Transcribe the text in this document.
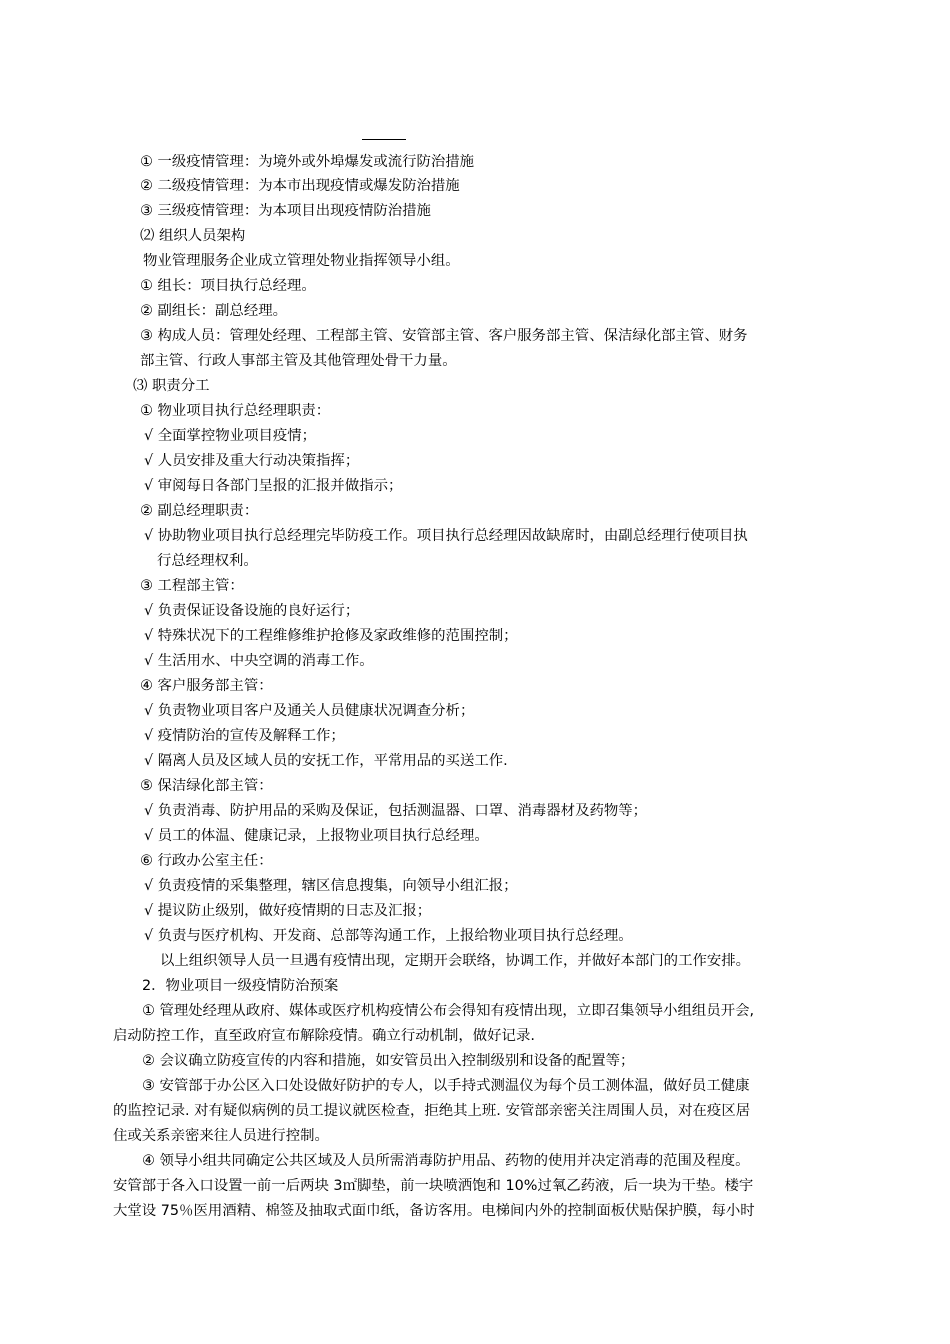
① 一级疫情管理：为境外或外埠爆发或流行防治措施
② 二级疫情管理：为本市出现疫情或爆发防治措施
③ 三级疫情管理：为本项目出现疫情防治措施
⑵ 组织人员架构
物业管理服务企业成立管理处物业指挥领导小组。
① 组长：项目执行总经理。
② 副组长：副总经理。
③ 构成人员：管理处经理、工程部主管、安管部主管、客户服务部主管、保洁绿化部主管、财务
部主管、行政人事部主管及其他管理处骨干力量。
⑶ 职责分工
① 物业项目执行总经理职责：
√ 全面掌控物业项目疫情；
√ 人员安排及重大行动决策指挥；
√ 审阅每日各部门呈报的汇报并做指示；
② 副总经理职责：
√ 协助物业项目执行总经理完毕防疫工作。项目执行总经理因故缺席时，由副总经理行使项目执
行总经理权利。
③ 工程部主管：
√ 负责保证设备设施的良好运行；
√ 特殊状况下的工程维修维护抢修及家政维修的范围控制；
√ 生活用水、中央空调的消毒工作。
④ 客户服务部主管：
√ 负责物业项目客户及通关人员健康状况调查分析；
√ 疫情防治的宣传及解释工作；
√ 隔离人员及区域人员的安抚工作，平常用品的买送工作.
⑤ 保洁绿化部主管：
√ 负责消毒、防护用品的采购及保证，包括测温器、口罩、消毒器材及药物等；
√ 员工的体温、健康记录，上报物业项目执行总经理。
⑥ 行政办公室主任：
√ 负责疫情的采集整理，辖区信息搜集，向领导小组汇报；
√ 提议防止级别，做好疫情期的日志及汇报；
√ 负责与医疗机构、开发商、总部等沟通工作，上报给物业项目执行总经理。
以上组织领导人员一旦遇有疫情出现，定期开会联络，协调工作，并做好本部门的工作安排。
2．物业项目一级疫情防治预案
① 管理处经理从政府、媒体或医疗机构疫情公布会得知有疫情出现，立即召集领导小组组员开会,
启动防控工作，直至政府宣布解除疫情。确立行动机制，做好记录.
② 会议确立防疫宣传的内容和措施，如安管员出入控制级别和设备的配置等；
③ 安管部于办公区入口处设做好防护的专人，以手持式测温仪为每个员工测体温，做好员工健康
的监控记录. 对有疑似病例的员工提议就医检查，拒绝其上班. 安管部亲密关注周围人员，对在疫区居
住或关系亲密来往人员进行控制。
④ 领导小组共同确定公共区域及人员所需消毒防护用品、药物的使用并决定消毒的范围及程度。
安管部于各入口设置一前一后两块 3㎡脚垫，前一块喷洒饱和 10%过氧乙药液，后一块为干垫。楼宇
大堂设 75％医用酒精、棉签及抽取式面巾纸，备访客用。电梯间内外的控制面板伏贴保护膜，每小时
